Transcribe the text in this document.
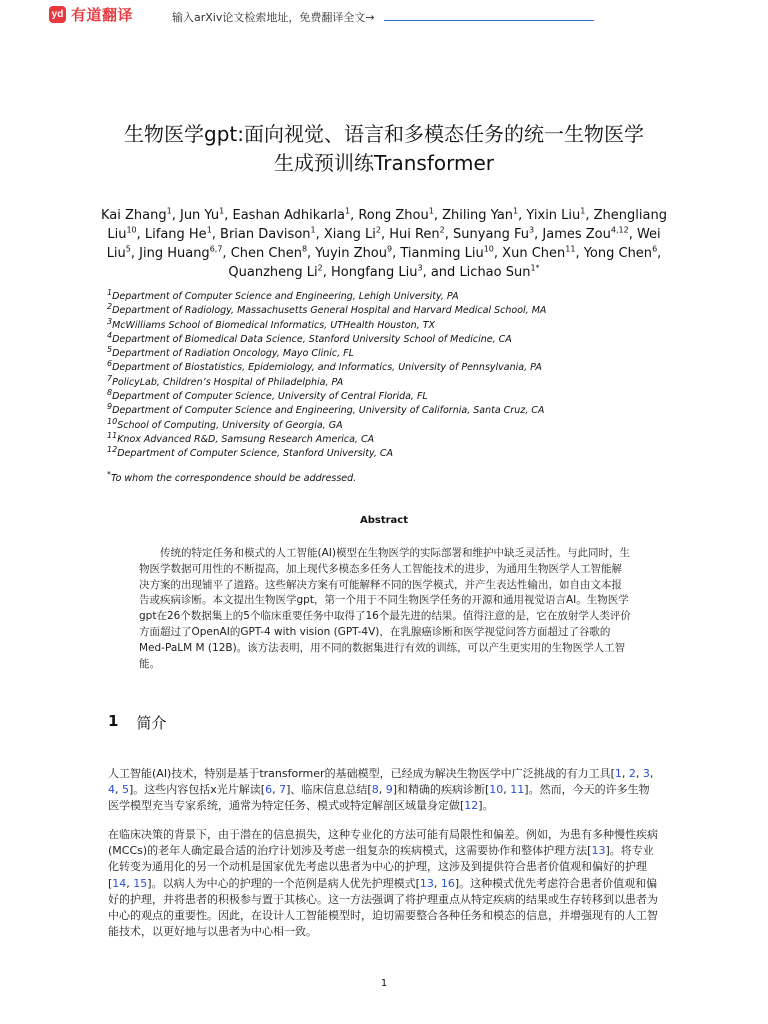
yd 有道翻译	输入arXiv论文检索地址，免费翻译全文→
生物医学gpt:面向视觉、语言和多模态任务的统一生物医学
生成预训练Transformer
Kai Zhang$^1$, Jun Yu$^1$, Eashan Adhikarla$^1$, Rong Zhou$^1$, Zhiling Yan$^1$, Yixin Liu$^1$, Zhengliang Liu$^{10}$, Lifang He$^1$, Brian Davison$^1$, Xiang Li$^2$, Hui Ren$^2$, Sunyang Fu$^3$, James Zou$^{4,12}$, Wei Liu$^5$, Jing Huang$^{6,7}$, Chen Chen$^8$, Yuyin Zhou$^9$, Tianming Liu$^{10}$, Xun Chen$^{11}$, Yong Chen$^6$, Quanzheng Li$^2$, Hongfang Liu$^3$, and Lichao Sun$^{1*}$
$^1$Department of Computer Science and Engineering, Lehigh University, PA
$^2$Department of Radiology, Massachusetts General Hospital and Harvard Medical School, MA
$^3$McWilliams School of Biomedical Informatics, UTHealth Houston, TX
$^4$Department of Biomedical Data Science, Stanford University School of Medicine, CA
$^5$Department of Radiation Oncology, Mayo Clinic, FL
$^6$Department of Biostatistics, Epidemiology, and Informatics, University of Pennsylvania, PA
$^7$PolicyLab, Children’s Hospital of Philadelphia, PA
$^8$Department of Computer Science, University of Central Florida, FL
$^9$Department of Computer Science and Engineering, University of California, Santa Cruz, CA
$^{10}$School of Computing, University of Georgia, GA
$^{11}$Knox Advanced R&D, Samsung Research America, CA
$^{12}$Department of Computer Science, Stanford University, CA
*To whom the correspondence should be addressed.
Abstract
传统的特定任务和模式的人工智能(AI)模型在生物医学的实际部署和维护中缺乏灵活性。与此同时，生物医学数据可用性的不断提高，加上现代多模态多任务人工智能技术的进步，为通用生物医学人工智能解决方案的出现铺平了道路。这些解决方案有可能解释不同的医学模式，并产生表达性输出，如自由文本报告或疾病诊断。本文提出生物医学gpt，第一个用于不同生物医学任务的开源和通用视觉语言AI。生物医学gpt在26个数据集上的5个临床重要任务中取得了16个最先进的结果。值得注意的是，它在放射学人类评价方面超过了OpenAI的GPT-4 with vision (GPT-4V)，在乳腺癌诊断和医学视觉问答方面超过了谷歌的Med-PaLM M (12B)。该方法表明，用不同的数据集进行有效的训练，可以产生更实用的生物医学人工智能。
1 简介
人工智能(AI)技术，特别是基于transformer的基础模型，已经成为解决生物医学中广泛挑战的有力工具[1, 2, 3, 4, 5]。这些内容包括x光片解读[6, 7]、临床信息总结[8, 9]和精确的疾病诊断[10, 11]。然而，今天的许多生物医学模型充当专家系统，通常为特定任务、模式或特定解剖区域量身定做[12]。
在临床决策的背景下，由于潜在的信息损失，这种专业化的方法可能有局限性和偏差。例如，为患有多种慢性疾病(MCCs)的老年人确定最合适的治疗计划涉及考虑一组复杂的疾病模式，这需要协作和整体护理方法[13]。将专业化转变为通用化的另一个动机是国家优先考虑以患者为中心的护理，这涉及到提供符合患者价值观和偏好的护理[14, 15]。以病人为中心的护理的一个范例是病人优先护理模式[13, 16]。这种模式优先考虑符合患者价值观和偏好的护理，并将患者的积极参与置于其核心。这一方法强调了将护理重点从特定疾病的结果或生存转移到以患者为中心的观点的重要性。因此，在设计人工智能模型时，迫切需要整合各种任务和模态的信息，并增强现有的人工智能技术，以更好地与以患者为中心相一致。
1
